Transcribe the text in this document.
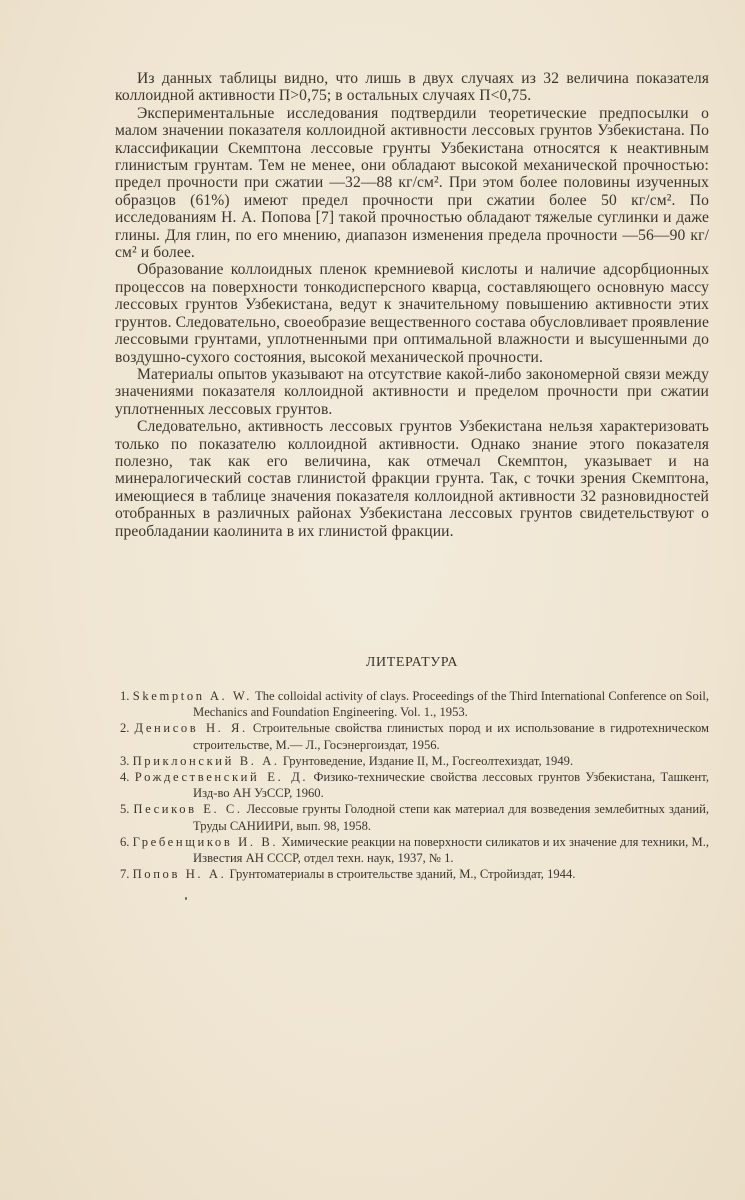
Из данных таблицы видно, что лишь в двух случаях из 32 величина показателя коллоидной активности П>0,75; в остальных случаях П<0,75.

Экспериментальные исследования подтвердили теоретические предпосылки о малом значении показателя коллоидной активности лессовых грунтов Узбекистана. По классификации Скемптона лессовые грунты Узбекистана относятся к неактивным глинистым грунтам. Тем не менее, они обладают высокой механической прочностью: предел прочности при сжатии —32—88 кг/см². При этом более половины изученных образцов (61%) имеют предел прочности при сжатии более 50 кг/см². По исследованиям Н. А. Попова [7] такой прочностью обладают тяжелые суглинки и даже глины. Для глин, по его мнению, диапазон изменения предела прочности —56—90 кг/см² и более.

Образование коллоидных пленок кремниевой кислоты и наличие адсорбционных процессов на поверхности тонкодисперсного кварца, составляющего основную массу лессовых грунтов Узбекистана, ведут к значительному повышению активности этих грунтов. Следовательно, своеобразие вещественного состава обусловливает проявление лессовыми грунтами, уплотненными при оптимальной влажности и высушенными до воздушно-сухого состояния, высокой механической прочности.

Материалы опытов указывают на отсутствие какой-либо закономерной связи между значениями показателя коллоидной активности и пределом прочности при сжатии уплотненных лессовых грунтов.

Следовательно, активность лессовых грунтов Узбекистана нельзя характеризовать только по показателю коллоидной активности. Однако знание этого показателя полезно, так как его величина, как отмечал Скемптон, указывает и на минералогический состав глинистой фракции грунта. Так, с точки зрения Скемптона, имеющиеся в таблице значения показателя коллоидной активности 32 разновидностей отобранных в различных районах Узбекистана лессовых грунтов свидетельствуют о преобладании каолинита в их глинистой фракции.

ЛИТЕРАТУРА

1. Skempton A. W. The colloidal activity of clays. Proceedings of the Third International Conference on Soil, Mechanics and Foundation Engineering. Vol. 1., 1953.

2. Денисов Н. Я. Строительные свойства глинистых пород и их использование в гидротехническом строительстве, М.— Л., Госэнергоиздат, 1956.

3. Приклонский В. А. Грунтоведение, Издание II, М., Госгеолтехиздат, 1949.

4. Рождественский Е. Д. Физико-технические свойства лессовых грунтов Узбекистана, Ташкент, Изд-во АН УзССР, 1960.

5. Песиков Е. С. Лессовые грунты Голодной степи как материал для возведения землебитных зданий, Труды САНИИРИ, вып. 98, 1958.

6. Гребенщиков И. В. Химические реакции на поверхности силикатов и их значение для техники, М., Известия АН СССР, отдел техн. наук, 1937, № 1.

7. Попов Н. А. Грунтоматериалы в строительстве зданий, М., Стройиздат, 1944.
